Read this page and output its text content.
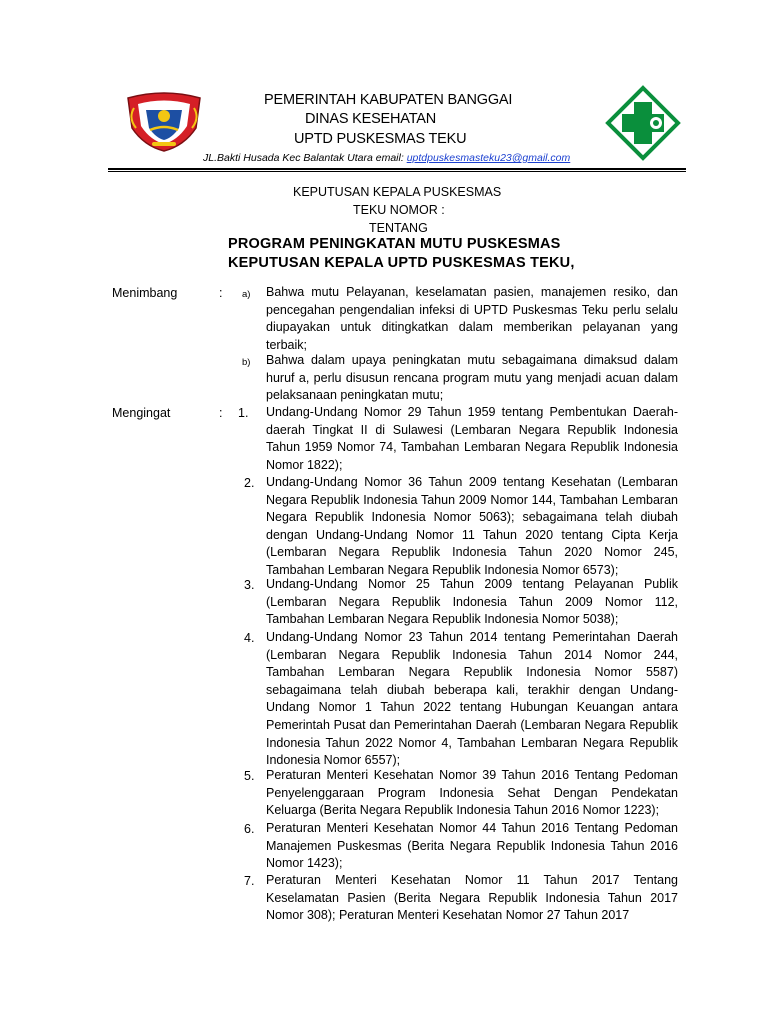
PEMERINTAH KABUPATEN BANGGAI
DINAS KESEHATAN
UPTD PUSKESMAS TEKU
JL.Bakti Husada Kec Balantak Utara email: uptdpuskesmasteku23@gmail.com
KEPUTUSAN KEPALA PUSKESMAS
TEKU NOMOR :
TENTANG
PROGRAM PENINGKATAN MUTU PUSKESMAS
KEPUTUSAN KEPALA UPTD PUSKESMAS TEKU,
Menimbang	: a) Bahwa mutu Pelayanan, keselamatan pasien, manajemen resiko, dan pencegahan pengendalian infeksi di UPTD Puskesmas Teku perlu selalu diupayakan untuk ditingkatkan dalam memberikan pelayanan yang terbaik;
b) Bahwa dalam upaya peningkatan mutu sebagaimana dimaksud dalam huruf a, perlu disusun rencana program mutu yang menjadi acuan dalam pelaksanaan peningkatan mutu;
Mengingat	: 1. Undang-Undang Nomor 29 Tahun 1959 tentang Pembentukan Daerah-daerah Tingkat II di Sulawesi (Lembaran Negara Republik Indonesia Tahun 1959 Nomor 74, Tambahan Lembaran Negara Republik Indonesia Nomor 1822);
2. Undang-Undang Nomor 36 Tahun 2009 tentang Kesehatan (Lembaran Negara Republik Indonesia Tahun 2009 Nomor 144, Tambahan Lembaran Negara Republik Indonesia Nomor 5063); sebagaimana telah diubah dengan Undang-Undang Nomor 11 Tahun 2020 tentang Cipta Kerja (Lembaran Negara Republik Indonesia Tahun 2020 Nomor 245, Tambahan Lembaran Negara Republik Indonesia Nomor 6573);
3. Undang-Undang Nomor 25 Tahun 2009 tentang Pelayanan Publik (Lembaran Negara Republik Indonesia Tahun 2009 Nomor 112, Tambahan Lembaran Negara Republik Indonesia Nomor 5038);
4. Undang-Undang Nomor 23 Tahun 2014 tentang Pemerintahan Daerah (Lembaran Negara Republik Indonesia Tahun 2014 Nomor 244, Tambahan Lembaran Negara Republik Indonesia Nomor 5587) sebagaimana telah diubah beberapa kali, terakhir dengan Undang-Undang Nomor 1 Tahun 2022 tentang Hubungan Keuangan antara Pemerintah Pusat dan Pemerintahan Daerah (Lembaran Negara Republik Indonesia Tahun 2022 Nomor 4, Tambahan Lembaran Negara Republik Indonesia Nomor 6557);
5. Peraturan Menteri Kesehatan Nomor 39 Tahun 2016 Tentang Pedoman Penyelenggaraan Program Indonesia Sehat Dengan Pendekatan Keluarga (Berita Negara Republik Indonesia Tahun 2016 Nomor 1223);
6. Peraturan Menteri Kesehatan Nomor 44 Tahun 2016 Tentang Pedoman Manajemen Puskesmas (Berita Negara Republik Indonesia Tahun 2016 Nomor 1423);
7. Peraturan Menteri Kesehatan Nomor 11 Tahun 2017 Tentang Keselamatan Pasien (Berita Negara Republik Indonesia Tahun 2017 Nomor 308); Peraturan Menteri Kesehatan Nomor 27 Tahun 2017
